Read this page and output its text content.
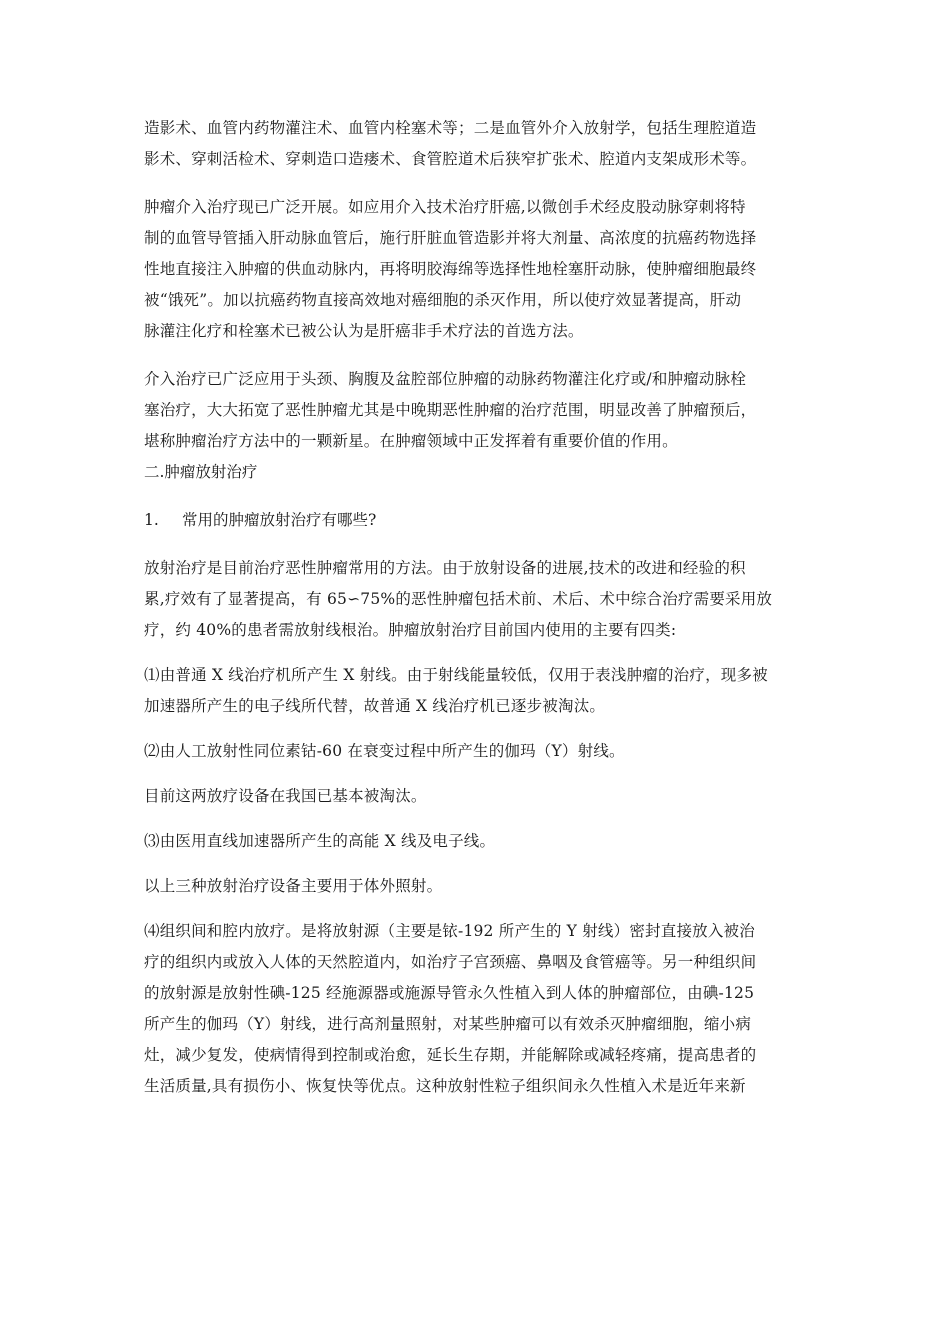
造影术、血管内药物灌注术、血管内栓塞术等；二是血管外介入放射学，包括生理腔道造
影术、穿刺活检术、穿刺造口造瘘术、食管腔道术后狭窄扩张术、腔道内支架成形术等。

肿瘤介入治疗现已广泛开展。如应用介入技术治疗肝癌,以微创手术经皮股动脉穿刺将特
制的血管导管插入肝动脉血管后，施行肝脏血管造影并将大剂量、高浓度的抗癌药物选择
性地直接注入肿瘤的供血动脉内，再将明胶海绵等选择性地栓塞肝动脉，使肿瘤细胞最终
被“饿死”。加以抗癌药物直接高效地对癌细胞的杀灭作用，所以使疗效显著提高，肝动
脉灌注化疗和栓塞术已被公认为是肝癌非手术疗法的首选方法。

介入治疗已广泛应用于头颈、胸腹及盆腔部位肿瘤的动脉药物灌注化疗或/和肿瘤动脉栓
塞治疗，大大拓宽了恶性肿瘤尤其是中晚期恶性肿瘤的治疗范围，明显改善了肿瘤预后，
堪称肿瘤治疗方法中的一颗新星。在肿瘤领域中正发挥着有重要价值的作用。

二.肿瘤放射治疗

1.	常用的肿瘤放射治疗有哪些?

放射治疗是目前治疗恶性肿瘤常用的方法。由于放射设备的进展,技术的改进和经验的积
累,疗效有了显著提高，有 65∽75%的恶性肿瘤包括术前、术后、术中综合治疗需要采用放
疗，约 40%的患者需放射线根治。肿瘤放射治疗目前国内使用的主要有四类:

⑴由普通 X 线治疗机所产生 X 射线。由于射线能量较低，仅用于表浅肿瘤的治疗，现多被
加速器所产生的电子线所代替，故普通 X 线治疗机已逐步被淘汰。

⑵由人工放射性同位素钴-60 在衰变过程中所产生的伽玛（Y）射线。

目前这两放疗设备在我国已基本被淘汰。

⑶由医用直线加速器所产生的高能 X 线及电子线。

以上三种放射治疗设备主要用于体外照射。

⑷组织间和腔内放疗。是将放射源（主要是铱-192 所产生的 Y 射线）密封直接放入被治
疗的组织内或放入人体的天然腔道内，如治疗子宫颈癌、鼻咽及食管癌等。另一种组织间
的放射源是放射性碘-125 经施源器或施源导管永久性植入到人体的肿瘤部位，由碘-125
所产生的伽玛（Y）射线，进行高剂量照射，对某些肿瘤可以有效杀灭肿瘤细胞，缩小病
灶，减少复发，使病情得到控制或治愈，延长生存期，并能解除或减轻疼痛，提高患者的
生活质量,具有损伤小、恢复快等优点。这种放射性粒子组织间永久性植入术是近年来新
